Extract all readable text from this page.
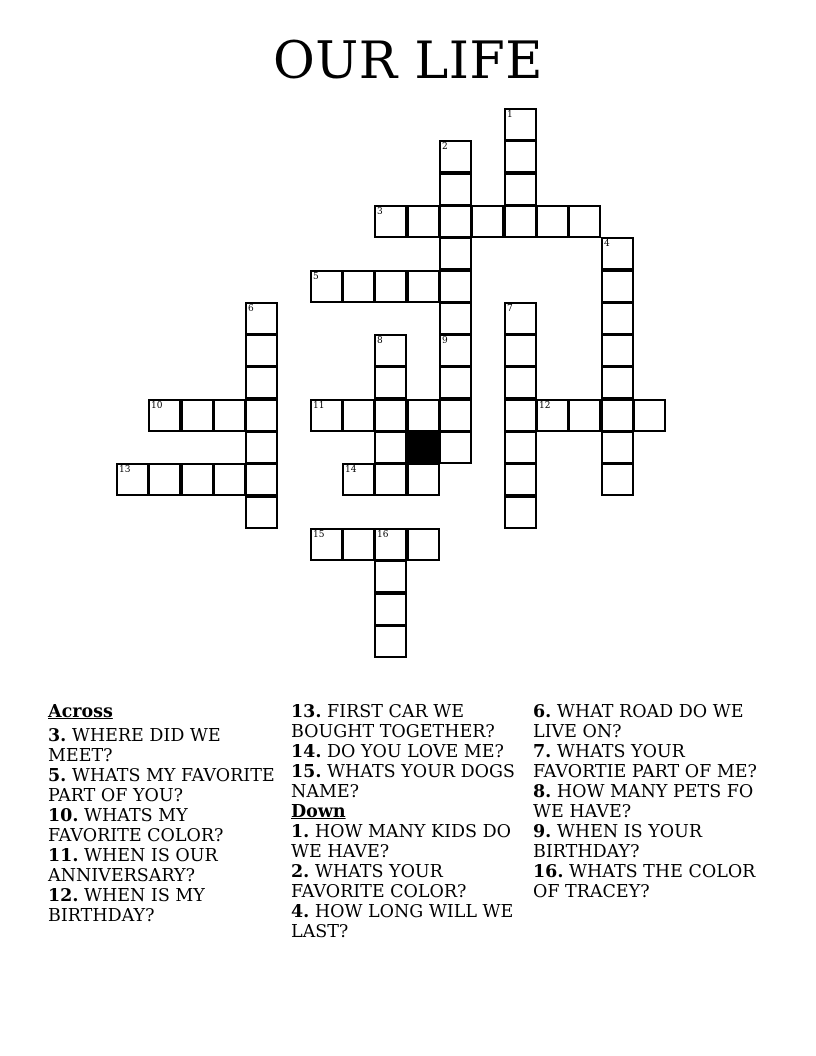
OUR LIFE
1
2
3
5
4
6	7
8	9
10	11	12
13	14
15	16
Across
3. WHERE DID WE MEET?
5. WHATS MY FAVORITE PART OF YOU?
10. WHATS MY FAVORITE COLOR?
11. WHEN IS OUR ANNIVERSARY?
12. WHEN IS MY BIRTHDAY?
13. FIRST CAR WE BOUGHT TOGETHER?
14. DO YOU LOVE ME?
15. WHATS YOUR DOGS NAME?
Down
1. HOW MANY KIDS DO WE HAVE?
2. WHATS YOUR FAVORITE COLOR?
4. HOW LONG WILL WE LAST?
6. WHAT ROAD DO WE LIVE ON?
7. WHATS YOUR FAVORTIE PART OF ME?
8. HOW MANY PETS FO WE HAVE?
9. WHEN IS YOUR BIRTHDAY?
16. WHATS THE COLOR OF TRACEY?
